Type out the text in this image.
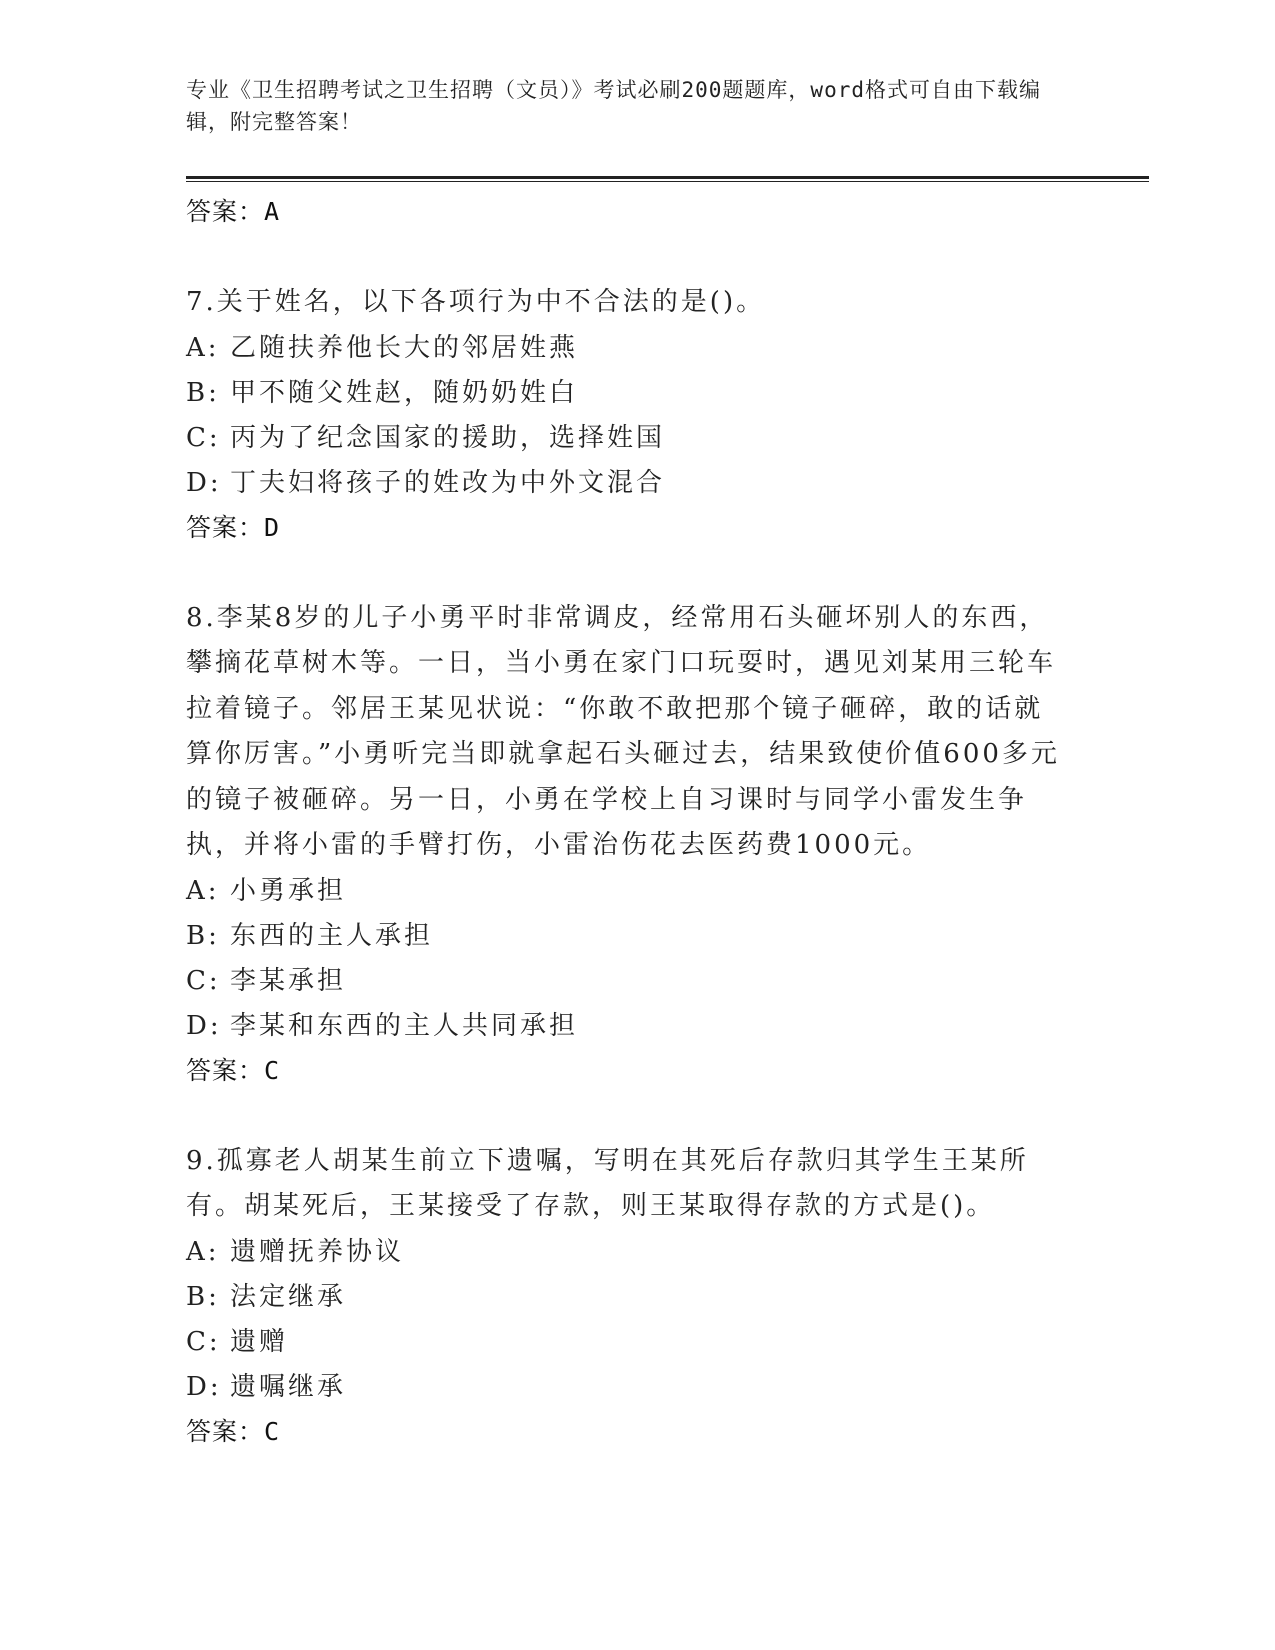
专业《卫生招聘考试之卫生招聘（文员）》考试必刷200题题库，word格式可自由下载编辑，附完整答案！
答案：A
7.关于姓名，以下各项行为中不合法的是()。
A: 乙随扶养他长大的邻居姓燕
B: 甲不随父姓赵，随奶奶姓白
C: 丙为了纪念国家的援助，选择姓国
D: 丁夫妇将孩子的姓改为中外文混合
答案：D
8.李某8岁的儿子小勇平时非常调皮，经常用石头砸坏别人的东西，攀摘花草树木等。一日，当小勇在家门口玩耍时，遇见刘某用三轮车拉着镜子。邻居王某见状说：“你敢不敢把那个镜子砸碎，敢的话就算你厉害。”小勇听完当即就拿起石头砸过去，结果致使价值600多元的镜子被砸碎。另一日，小勇在学校上自习课时与同学小雷发生争执，并将小雷的手臂打伤，小雷治伤花去医药费1000元。
A: 小勇承担
B: 东西的主人承担
C: 李某承担
D: 李某和东西的主人共同承担
答案：C
9.孤寡老人胡某生前立下遗嘱，写明在其死后存款归其学生王某所有。胡某死后，王某接受了存款，则王某取得存款的方式是()。
A: 遗赠抚养协议
B: 法定继承
C: 遗赠
D: 遗嘱继承
答案：C
